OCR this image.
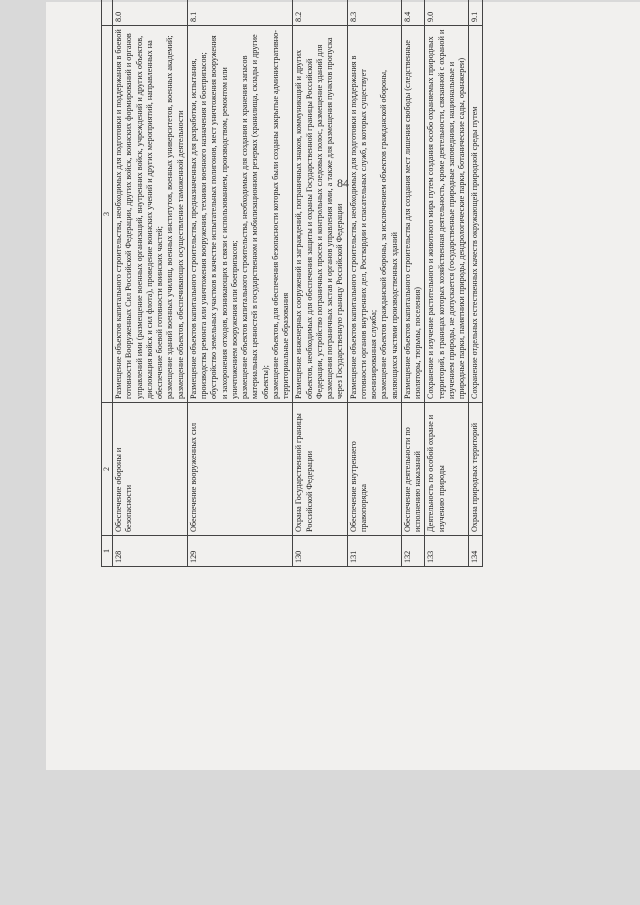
84
1	2	3					
128	Обеспечение обороны и безопасности	Размещение объектов капитального строительства, необходимых для подготовки и поддержания в боевой готовности Вооруженных Сил Российской Федерации, других войск, воинских формирований и органов управлений ими (размещение военных организаций, внутренних войск, учреждений и других объектов, дислокация войск и сил флота), проведение воинских учений и других мероприятий, направленных на обеспечение боевой готовности воинских частей; размещение зданий военных училищ, военных институтов, военных университетов, военных академий; размещение объектов, обеспечивающих осуществление таможенной деятельности	8.0				
129	Обеспечение вооруженных сил	Размещение объектов капитального строительства, предназначенных для разработки, испытания, производства ремонта или уничтожения вооружения, техники военного назначения и боеприпасов; обустройство земельных участков в качестве испытательных полигонов, мест уничтожения вооружения и захоронения отходов, возникающих в связи с использованием, производством, ремонтом или уничтожением вооружения или боеприпасов; размещение объектов капитального строительства, необходимых для создания и хранения запасов материальных ценностей в государственном и мобилизационном резервах (хранилища, склады и другие объекты); размещение объектов, для обеспечения безопасности которых были созданы закрытые административно-территориальные образования	8.1				
130	Охрана Государственной границы Российской Федерации	Размещение инженерных сооружений и заграждений, пограничных знаков, коммуникаций и других объектов, необходимых для обеспечения защиты и охраны Государственной границы Российской Федерации, устройство пограничных просек и контрольных следовых полос, размещение зданий для размещения пограничных застав и органов управления ими, а также для размещения пунктов пропуска через Государственную границу Российской Федерации	8.2				
131	Обеспечение внутреннего правопорядка	Размещение объектов капитального строительства, необходимых для подготовки и поддержания в готовности органов внутренних дел, Росгвардии и спасательных служб, в которых существует военизированная служба; размещение объектов гражданской обороны, за исключением объектов гражданской обороны, являющихся частями производственных зданий	8.3				
132	Обеспечение деятельности по исполнению наказаний	Размещение объектов капитального строительства для создания мест лишения свободы (следственные изоляторы, тюрьмы, поселения)	8.4				
133	Деятельность по особой охране и изучению природы	Сохранение и изучение растительного и животного мира путем создания особо охраняемых природных территорий, в границах которых хозяйственная деятельность, кроме деятельности, связанной с охраной и изучением природы, не допускается (государственные природные заповедники, национальные и природные парки, памятники природы, дендрологические парки, ботанические сады, оранжереи)	9.0				
134	Охрана природных территорий	Сохранение отдельных естественных качеств окружающей природной среды путем	9.1				
